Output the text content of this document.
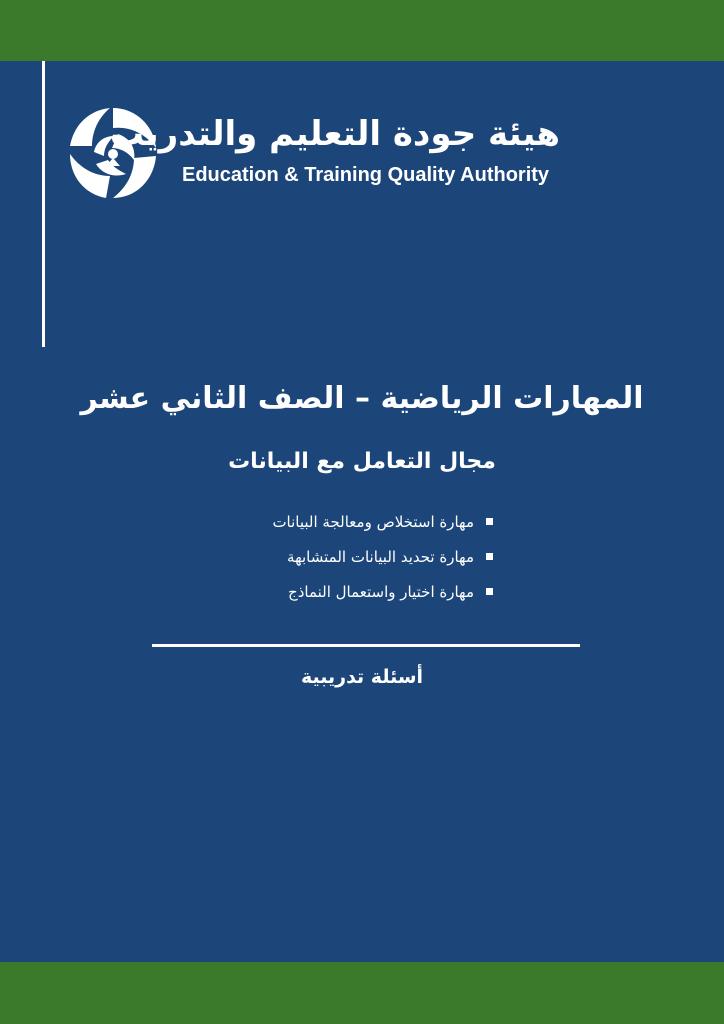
هيئة جودة التعليم والتدريب
Education & Training Quality Authority
المهارات الرياضية – الصف الثاني عشر
مجال التعامل مع البيانات
مهارة استخلاص ومعالجة البيانات
مهارة تحديد البيانات المتشابهة
مهارة اختيار واستعمال النماذج
أسئلة تدريبية
